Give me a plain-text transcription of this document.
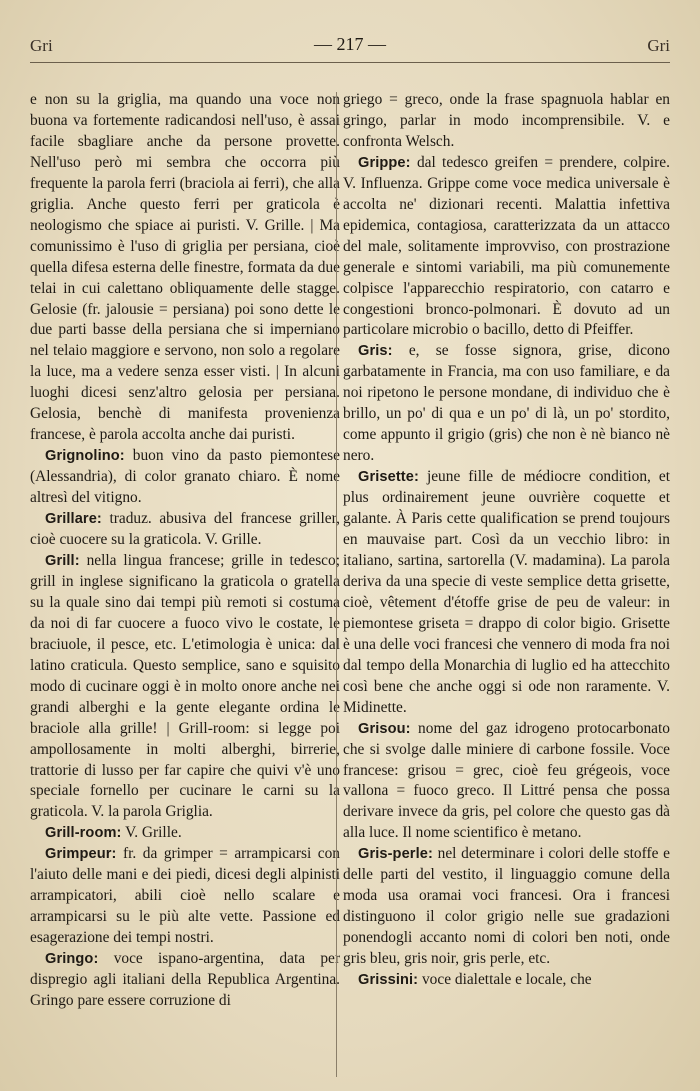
Gri	— 217 —	Gri

e non su la griglia, ma quando una voce non buona va fortemente radicandosi nell'uso, è assai facile sbagliare anche da persone provette. Nell'uso però mi sembra che occorra più frequente la parola ferri (braciola ai ferri), che alla griglia. Anche questo ferri per graticola è neologismo che spiace ai puristi. V. Grille. | Ma comunissimo è l'uso di griglia per persiana, cioè quella difesa esterna delle finestre, formata da due telai in cui calettano obliquamente delle stagge. Gelosie (fr. jalousie = persiana) poi sono dette le due parti basse della persiana che si imperniano nel telaio maggiore e servono, non solo a regolare la luce, ma a vedere senza esser visti. | In alcuni luoghi dicesi senz'altro gelosia per persiana. Gelosia, benchè di manifesta provenienza francese, è parola accolta anche dai puristi.

Grignolino: buon vino da pasto piemontese (Alessandria), di color granato chiaro. È nome altresì del vitigno.

Grillare: traduz. abusiva del francese griller, cioè cuocere su la graticola. V. Grille.

Grill: nella lingua francese; grille in tedesco; grill in inglese significano la graticola o gratella su la quale sino dai tempi più remoti si costuma da noi di far cuocere a fuoco vivo le costate, le braciuole, il pesce, etc. L'etimologia è unica: dal latino craticula. Questo semplice, sano e squisito modo di cucinare oggi è in molto onore anche nei grandi alberghi e la gente elegante ordina le braciole alla grille! | Grill-room: si legge poi ampollosamente in molti alberghi, birrerie, trattorie di lusso per far capire che quivi v'è uno speciale fornello per cucinare le carni su la graticola. V. la parola Griglia.

Grill-room: V. Grille.

Grimpeur: fr. da grimper = arrampicarsi con l'aiuto delle mani e dei piedi, dicesi degli alpinisti arrampicatori, abili cioè nello scalare e arrampicarsi su le più alte vette. Passione ed esagerazione dei tempi nostri.

Gringo: voce ispano-argentina, data per dispregio agli italiani della Republica Argentina. Gringo pare essere corruzione di

griego = greco, onde la frase spagnuola hablar en gringo, parlar in modo incomprensibile. V. e confronta Welsch.

Grippe: dal tedesco greifen = prendere, colpire. V. Influenza. Grippe come voce medica universale è accolta ne' dizionari recenti. Malattia infettiva epidemica, contagiosa, caratterizzata da un attacco del male, solitamente improvviso, con prostrazione generale e sintomi variabili, ma più comunemente colpisce l'apparecchio respiratorio, con catarro e congestioni bronco-polmonari. È dovuto ad un particolare microbio o bacillo, detto di Pfeiffer.

Gris: e, se fosse signora, grise, dicono garbatamente in Francia, ma con uso familiare, e da noi ripetono le persone mondane, di individuo che è brillo, un po' di qua e un po' di là, un po' stordito, come appunto il grigio (gris) che non è nè bianco nè nero.

Grisette: jeune fille de médiocre condition, et plus ordinairement jeune ouvrière coquette et galante. À Paris cette qualification se prend toujours en mauvaise part. Così da un vecchio libro: in italiano, sartina, sartorella (V. madamina). La parola deriva da una specie di veste semplice detta grisette, cioè, vêtement d'étoffe grise de peu de valeur: in piemontese griseta = drappo di color bigio. Grisette è una delle voci francesi che vennero di moda fra noi dal tempo della Monarchia di luglio ed ha attecchito così bene che anche oggi si ode non raramente. V. Midinette.

Grisou: nome del gaz idrogeno protocarbonato che si svolge dalle miniere di carbone fossile. Voce francese: grisou = grec, cioè feu grégeois, voce vallona = fuoco greco. Il Littré pensa che possa derivare invece da gris, pel colore che questo gas dà alla luce. Il nome scientifico è metano.

Gris-perle: nel determinare i colori delle stoffe e delle parti del vestito, il linguaggio comune della moda usa oramai voci francesi. Ora i francesi distinguono il color grigio nelle sue gradazioni ponendogli accanto nomi di colori ben noti, onde gris bleu, gris noir, gris perle, etc.

Grissini: voce dialettale e locale, che
